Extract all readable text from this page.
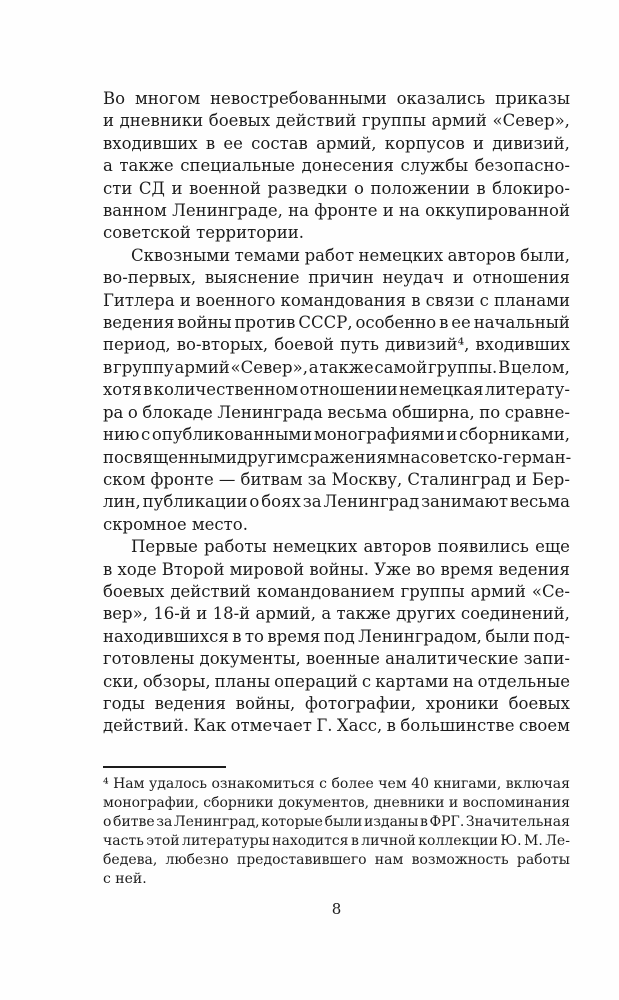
Во многом невостребованными оказались приказы
и дневники боевых действий группы армий «Север»,
входивших в ее состав армий, корпусов и дивизий,
а также специальные донесения службы безопасно-
сти СД и военной разведки о положении в блокиро-
ванном Ленинграде, на фронте и на оккупированной
советской территории.
Сквозными темами работ немецких авторов были,
во-первых, выяснение причин неудач и отношения
Гитлера и военного командования в связи с планами
ведения войны против СССР, особенно в ее начальный
период, во-вторых, боевой путь дивизий⁴, входивших
в группу армий «Север», а также самой группы. В целом,
хотя в количественном отношении немецкая литерату-
ра о блокаде Ленинграда весьма обширна, по сравне-
нию с опубликованными монографиями и сборниками,
посвященными другим сражениям на советско-герман-
ском фронте — битвам за Москву, Сталинград и Бер-
лин, публикации о боях за Ленинград занимают весьма
скромное место.
Первые работы немецких авторов появились еще
в ходе Второй мировой войны. Уже во время ведения
боевых действий командованием группы армий «Се-
вер», 16-й и 18-й армий, а также других соединений,
находившихся в то время под Ленинградом, были под-
готовлены документы, военные аналитические запи-
ски, обзоры, планы операций с картами на отдельные
годы ведения войны, фотографии, хроники боевых
действий. Как отмечает Г. Хасс, в большинстве своем
⁴ Нам удалось ознакомиться с более чем 40 книгами, включая
монографии, сборники документов, дневники и воспоминания
о битве за Ленинград, которые были изданы в ФРГ. Значительная
часть этой литературы находится в личной коллекции Ю. М. Ле-
бедева, любезно предоставившего нам возможность работы
с ней.
8
